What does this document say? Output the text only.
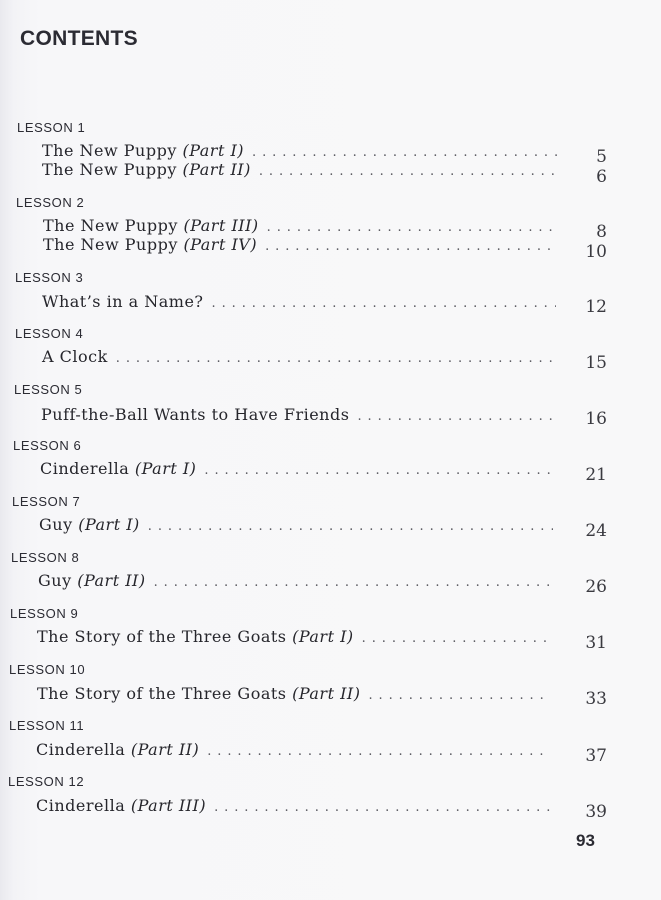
CONTENTS
LESSON 1
The New Puppy (Part I) . . .	5
The New Puppy (Part II) . . .	6
LESSON 2
The New Puppy (Part III) . . .	8
The New Puppy (Part IV) . . .	10
LESSON 3
What’s in a Name? . . .	12
LESSON 4
A Clock . . .	15
LESSON 5
Puff-the-Ball Wants to Have Friends . . .	16
LESSON 6
Cinderella (Part I) . . .	21
LESSON 7
Guy (Part I) . . .	24
LESSON 8
Guy (Part II) . . .	26
LESSON 9
The Story of the Three Goats (Part I) . . .	31
LESSON 10
The Story of the Three Goats (Part II) . . .	33
LESSON 11
Cinderella (Part II) . . .	37
LESSON 12
Cinderella (Part III) . . .	39
93
